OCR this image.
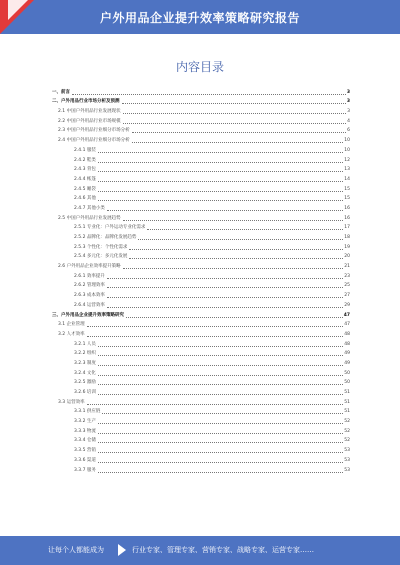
户外用品企业提升效率策略研究报告
内容目录
一、前言	3
二、户外用品行业市场分析及预测	3
2.1 中国户外用品行业发展现状	3
2.2 中国户外用品行业市场规模	4
2.3 中国户外用品行业细分市场分析	6
2.4 中国户外用品行业细分市场分析	10
2.4.1 服装	10
2.4.2 鞋类	12
2.4.3 背包	13
2.4.4 帐篷	14
2.4.5 睡袋	15
2.4.6 其他	15
2.4.7 其他小类	16
2.5 中国户外用品行业发展趋势	16
2.5.1 专业化：户外运动专业化需求	17
2.5.2 品牌化：品牌化发展趋势	18
2.5.3 个性化：个性化需求	19
2.5.4 多元化：多元化发展	20
2.6 户外用品企业效率提升策略	21
2.6.1 效率提升	23
2.6.2 管理效率	25
2.6.3 成本效率	27
2.6.4 运营效率	29
三、户外用品企业提升效率策略研究	47
3.1 企业管理	47
3.2 人才效率	48
3.2.1 人员	48
3.2.2 组织	49
3.2.3 制度	49
3.2.4 文化	50
3.2.5 激励	50
3.2.6 培训	51
3.3 运营效率	51
3.3.1 供应链	51
3.3.2 生产	52
3.3.3 物流	52
3.3.4 仓储	52
3.3.5 营销	53
3.3.6 渠道	53
3.3.7 服务	53
让每个人都能成为	行业专家、管理专家、营销专家、战略专家、运营专家……
